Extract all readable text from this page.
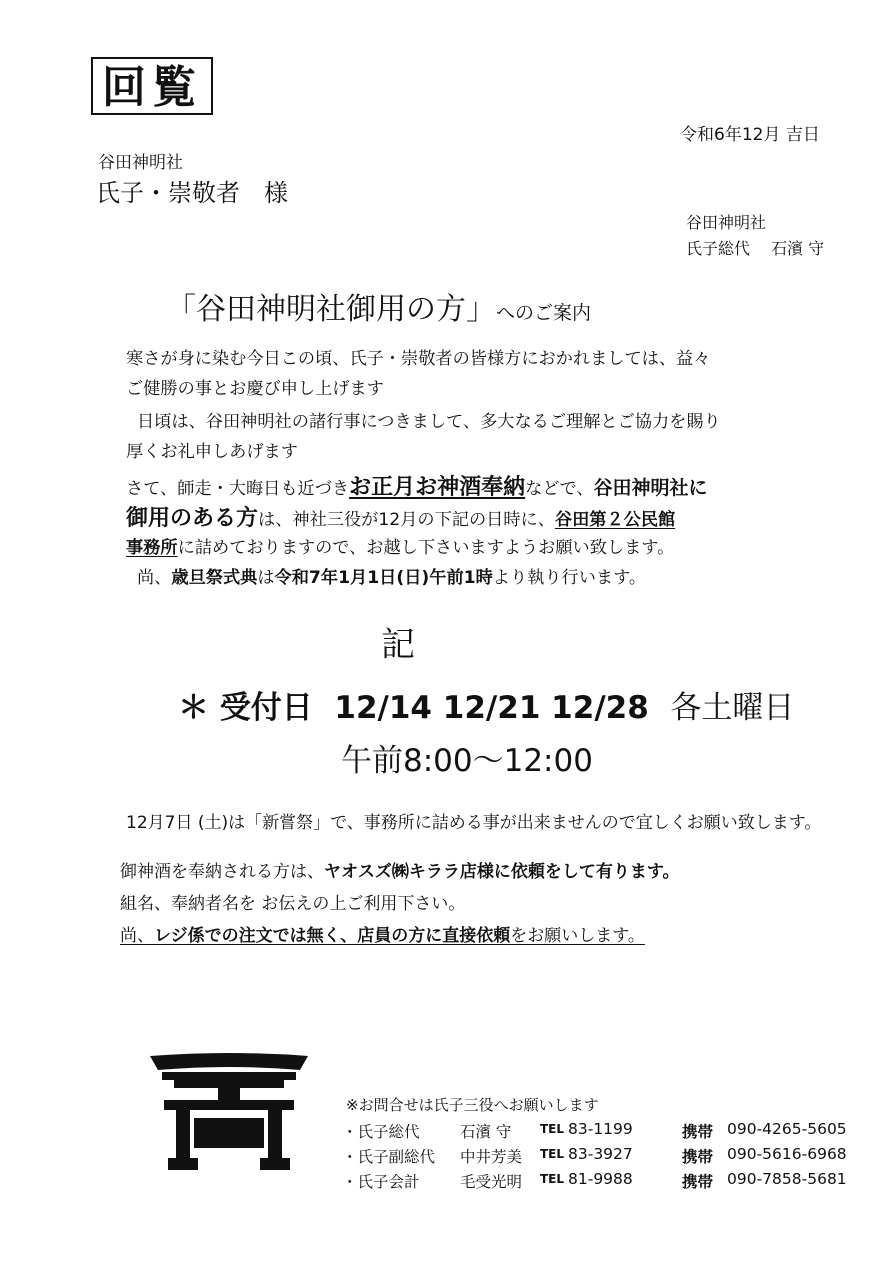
回覧
令和6年12月 吉日
谷田神明社
氏子・崇敬者　様
谷田神明社
氏子総代　 石濱 守
「谷田神明社御用の方」へのご案内
寒さが身に染む今日この頃、氏子・崇敬者の皆様方におかれましては、益々
ご健勝の事とお慶び申し上げます
日頃は、谷田神明社の諸行事につきまして、多大なるご理解とご協力を賜り
厚くお礼申しあげます
さて、師走・大晦日も近づきお正月お神酒奉納などで、谷田神明社に
御用のある方は、神社三役が12月の下記の日時に、谷田第２公民館
事務所に詰めておりますので、お越し下さいますようお願い致します。
尚、歳旦祭式典は令和7年1月1日(日)午前1時より執り行います。
記
＊ 受付日 12/14 12/21 12/28 各土曜日
午前8:00～12:00
12月7日 (土)は「新嘗祭」で、事務所に詰める事が出来ませんので宜しくお願い致します。
御神酒を奉納される方は、ヤオスズ㈱キララ店様に依頼をして有ります。
組名、奉納者名を お伝えの上ご利用下さい。
尚、レジ係での注文では無く、店員の方に直接依頼をお願いします。
※お問合せは氏子三役へお願いします
・氏子総代	石濱 守 TEL 83-1199	携帯 090-4265-5605
・氏子副総代 中井芳美 TEL 83-3927	携帯 090-5616-6968
・氏子会計	毛受光明 TEL 81-9988	携帯 090-7858-5681
